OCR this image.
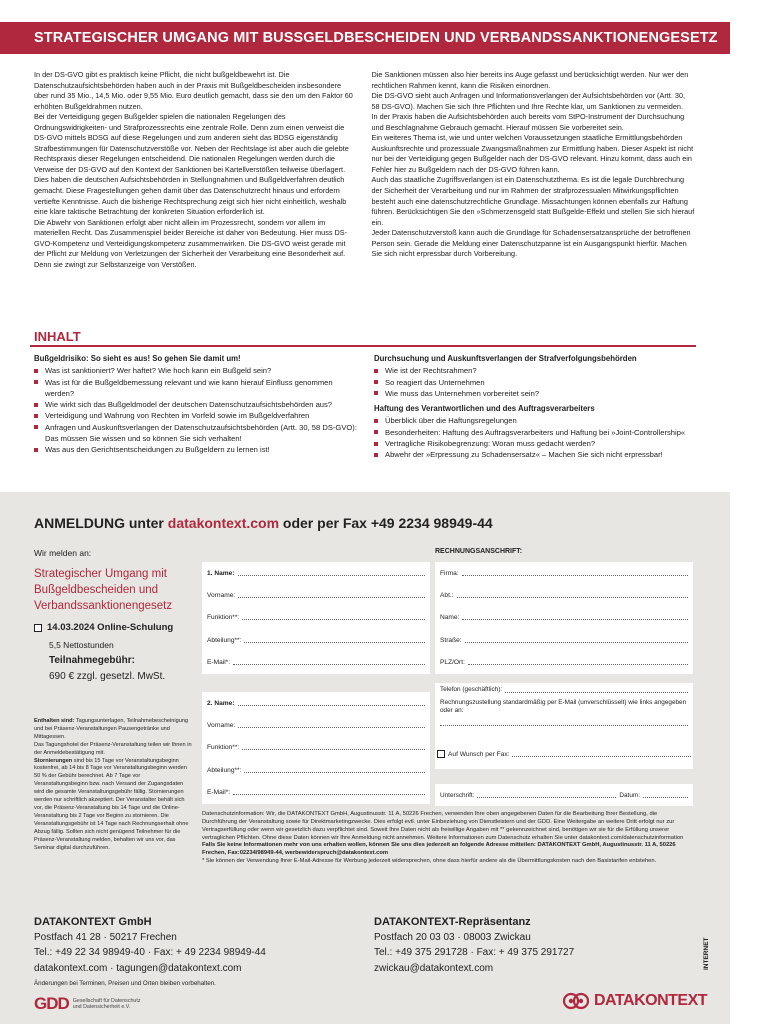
STRATEGISCHER UMGANG MIT BUSSGELDBESCHEIDEN UND VERBANDSSANKTIONENGESETZ

In der DS-GVO gibt es praktisch keine Pflicht, die nicht bußgeldbewehrt ist. Die Datenschutzaufsichtsbehörden haben auch in der Praxis mit Bußgeldbescheiden insbesondere über rund 35 Mio., 14,5 Mio. oder 9,55 Mio. Euro deutlich gemacht, dass sie den um den Faktor 60 erhöhten Bußgeldrahmen nutzen.

Bei der Verteidigung gegen Bußgelder spielen die nationalen Regelungen des Ordnungswidrigkeiten- und Strafprozessrechts eine zentrale Rolle. Denn zum einen verweist die DS-GVO mittels BDSG auf diese Regelungen und zum anderen sieht das BDSG eigenständig Strafbestimmungen für Datenschutzverstöße vor. Neben der Rechtslage ist aber auch die gelebte Rechtspraxis dieser Regelungen entscheidend. Die nationalen Regelungen werden durch die Verweise der DS-GVO auf den Kontext der Sanktionen bei Kartellverstößen teilweise überlagert. Dies haben die deutschen Aufsichtsbehörden in Stellungnahmen und Bußgeldverfahren deutlich gemacht. Diese Fragestellungen gehen damit über das Datenschutzrecht hinaus und erfordern vertiefte Kenntnisse. Auch die bisherige Rechtsprechung zeigt sich hier nicht einheitlich, weshalb eine klare taktische Betrachtung der konkreten Situation erforderlich ist.

Die Abwehr von Sanktionen erfolgt aber nicht allein im Prozessrecht, sondern vor allem im materiellen Recht. Das Zusammenspiel beider Bereiche ist daher von Bedeutung. Hier muss DS-GVO-Kompetenz und Verteidigungskompetenz zusammenwirken. Die DS-GVO weist gerade mit der Pflicht zur Meldung von Verletzungen der Sicherheit der Verarbeitung eine Besonderheit auf. Denn sie zwingt zur Selbstanzeige von Verstößen.

Die Sanktionen müssen also hier bereits ins Auge gefasst und berücksichtigt werden. Nur wer den rechtlichen Rahmen kennt, kann die Risiken einordnen.

Die DS-GVO sieht auch Anfragen und Informationsverlangen der Aufsichtsbehörden vor (Artt. 30, 58 DS-GVO). Machen Sie sich Ihre Pflichten und Ihre Rechte klar, um Sanktionen zu vermeiden.

In der Praxis haben die Aufsichtsbehörden auch bereits vom StPO-Instrument der Durchsuchung und Beschlagnahme Gebrauch gemacht. Hierauf müssen Sie vorbereitet sein.

Ein weiteres Thema ist, wie und unter welchen Voraussetzungen staatliche Ermittlungsbehörden Auskunftsrechte und prozessuale Zwangsmaßnahmen zur Ermittlung haben. Dieser Aspekt ist nicht nur bei der Verteidigung gegen Bußgelder nach der DS-GVO relevant. Hinzu kommt, dass auch ein Fehler hier zu Bußgeldern nach der DS-GVO führen kann.

Auch das staatliche Zugriffsverlangen ist ein Datenschutzthema. Es ist die legale Durchbrechung der Sicherheit der Verarbeitung und nur im Rahmen der strafprozessualen Mitwirkungspflichten besteht auch eine datenschutzrechtliche Grundlage. Missachtungen können ebenfalls zur Haftung führen. Berücksichtigen Sie den »Schmerzensgeld statt Bußgelde-Effekt und stellen Sie sich hierauf ein.

Jeder Datenschutzverstoß kann auch die Grundlage für Schadensersatzansprüche der betroffenen Person sein. Gerade die Meldung einer Datenschutzpanne ist ein Ausgangspunkt hierfür. Machen Sie sich nicht erpressbar durch Vorbereitung.

INHALT
Bußgeldrisiko: So sieht es aus! So gehen Sie damit um!
Was ist sanktioniert? Wer haftet? Wie hoch kann ein Bußgeld sein?
Was ist für die Bußgeldbemessung relevant und wie kann hierauf Einfluss genommen werden?
Wie wirkt sich das Bußgeldmodel der deutschen Datenschutzaufsichtsbehörden aus?
Verteidigung und Wahrung von Rechten im Vorfeld sowie im Bußgeldverfahren
Anfragen und Auskunftsverlangen der Datenschutzaufsichtsbehörden (Artt. 30, 58 DS-GVO): Das müssen Sie wissen und so können Sie sich verhalten!
Was aus den Gerichtsentscheidungen zu Bußgeldern zu lernen ist!
Durchsuchung und Auskunftsverlangen der Strafverfolgungsbehörden
Wie ist der Rechtsrahmen?
So reagiert das Unternehmen
Wie muss das Unternehmen vorbereitet sein?
Haftung des Verantwortlichen und des Auftragsverarbeiters
Überblick über die Haftungsregelungen
Besonderheiten: Haftung des Auftragsverarbeiters und Haftung bei »Joint-Controllership«
Vertragliche Risikobegrenzung: Woran muss gedacht werden?
Abwehr der »Erpressung zu Schadensersatz« – Machen Sie sich nicht erpressbar!
ANMELDUNG unter datakontext.com oder per Fax +49 2234 98949-44
Wir melden an:
Strategischer Umgang mit Bußgeldbescheiden und Verbandssanktionengesetz
14.03.2024 Online-Schulung
5,5 Nettostunden
Teilnahmegebühr:
690 € zzgl. gesetzl. MwSt.
Enthalten sind: Tagungsunterlagen, Teilnahmebescheinigung und bei Präsenz-Veranstaltungen Pausengetränke und Mittagessen.
Das Tagungshotel der Präsenz-Veranstaltung teilen wir Ihnen in der Anmeldebestätigung mit.
Stornierungen sind bis 15 Tage vor Veranstaltungsbeginn kostenfrei, ab 14 bis 8 Tage vor Veranstaltungsbeginn werden 50 % der Gebühr berechnet. Ab 7 Tage vor Veranstaltungsbeginn bzw. nach Versand der Zugangsdaten wird die gesamte Veranstaltungsgebühr fällig. Stornierungen werden nur schriftlich akzeptiert. Der Veranstalter behält sich vor, die Präsenz-Veranstaltung bis 14 Tage und die Online-Veranstaltung bis 2 Tage vor Beginn zu stornieren. Die Veranstaltungsgebühr ist 14 Tage nach Rechnungserhalt ohne Abzug fällig. Sollten sich nicht genügend Teilnehmer für die Präsenz-Veranstaltung melden, behalten wir uns vor, das Seminar digital durchzuführen.
1. Name:
Vorname:
Funktion**:
Abteilung**:
E-Mail*:
2. Name:
Vorname:
Funktion**:
Abteilung**:
E-Mail*:
RECHNUNGSANSCHRIFT:
Firma:
Abt.:
Name:
Straße:
PLZ/Ort:
Telefon (geschäftlich):
Rechnungszustellung standardmäßig per E-Mail (unverschlüsselt) wie links angegeben oder an:
Auf Wunsch per Fax:
Unterschrift:	Datum:
Datenschutzinformation: Wir, die DATAKONTEXT GmbH, Augustinusstr. 11 A, 50226 Frechen, verwenden Ihre oben angegebenen Daten für die Bearbeitung Ihrer Bestellung, die Durchführung der Veranstaltung sowie für Direktmarketingzwecke. Dies erfolgt evtl. unter Einbeziehung von Dienstleistern und der GDD. Eine Weitergabe an weitere Dritt erfolgt nur zur Vertragserfüllung oder wenn wir gesetzlich dazu verpflichtet sind. Soweit Ihre Daten nicht als freiwillige Angaben mit ** gekennzeichnet sind, benötigen wir sie für die Erfüllung unserer vertraglichen Pflichten. Ohne diese Daten können wir Ihre Anmeldung nicht annehmen. Weitere Informationen zum Datenschutz erhalten Sie unter datakontext.com/datenschutzinformation
Falls Sie keine Informationen mehr von uns erhalten wollen, können Sie uns dies jederzeit an folgende Adresse mitteilen: DATAKONTEXT GmbH, Augustinusstr. 11 A, 50226 Frechen, Fax:02234/98949-44, werbewiderspruch@datakontext.com
* Sie können der Verwendung Ihrer E-Mail-Adresse für Werbung jederzeit widersprechen, ohne dass hierfür andere als die Übermittlungskosten nach den Basistarifen entstehen.
DATAKONTEXT GmbH
Postfach 41 28 · 50217 Frechen
Tel.: +49 22 34 98949-40 · Fax: + 49 2234 98949-44
datakontext.com · tagungen@datakontext.com
DATAKONTEXT-Repräsentanz
Postfach 20 03 03 · 08003 Zwickau
Tel.: +49 375 291728 · Fax: + 49 375 291727
zwickau@datakontext.com	INTERNET
Änderungen bei Terminen, Preisen und Orten bleiben vorbehalten.
GDD Gesellschaft für Datenschutz
und Datensicherheit e.V.	DATAKONTEXT
